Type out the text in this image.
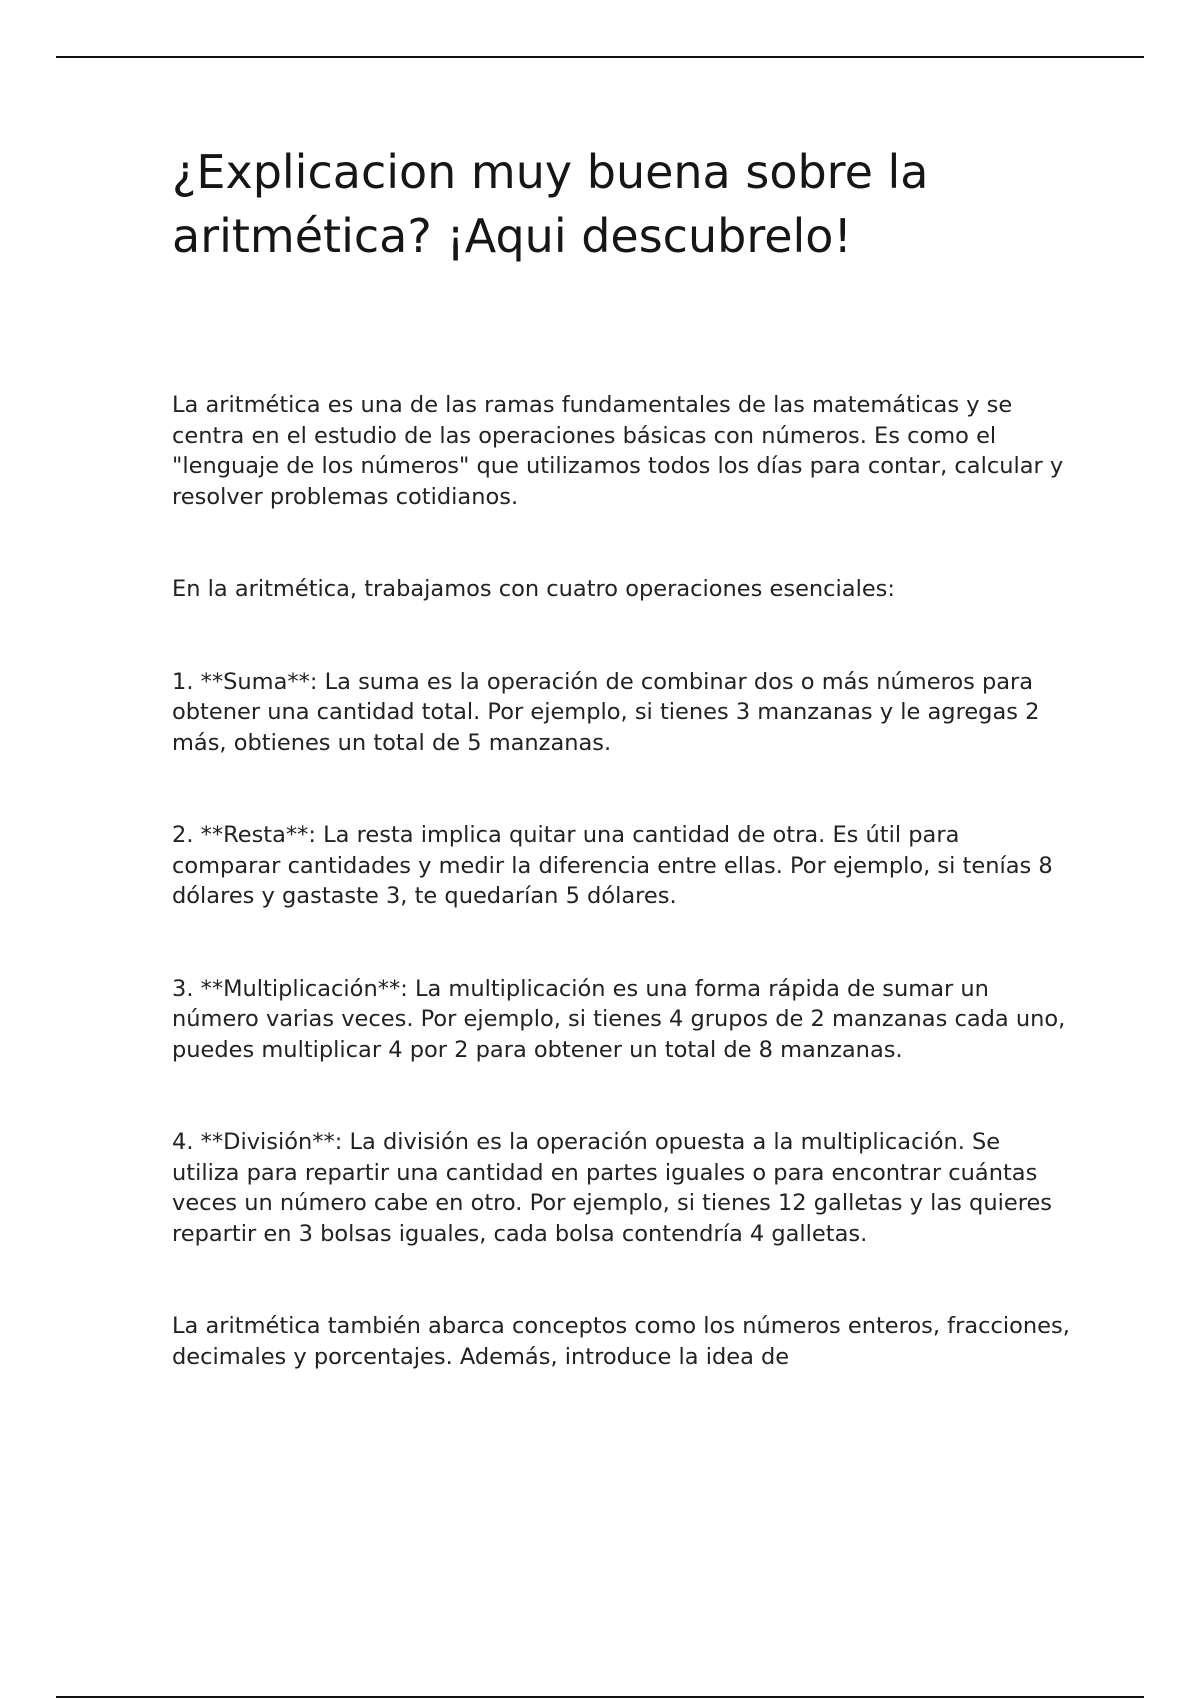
¿Explicacion muy buena sobre la aritmética? ¡Aqui descubrelo!

La aritmética es una de las ramas fundamentales de las matemáticas y se centra en el estudio de las operaciones básicas con números. Es como el "lenguaje de los números" que utilizamos todos los días para contar, calcular y resolver problemas cotidianos.

En la aritmética, trabajamos con cuatro operaciones esenciales:

1. **Suma**: La suma es la operación de combinar dos o más números para obtener una cantidad total. Por ejemplo, si tienes 3 manzanas y le agregas 2 más, obtienes un total de 5 manzanas.

2. **Resta**: La resta implica quitar una cantidad de otra. Es útil para comparar cantidades y medir la diferencia entre ellas. Por ejemplo, si tenías 8 dólares y gastaste 3, te quedarían 5 dólares.

3. **Multiplicación**: La multiplicación es una forma rápida de sumar un número varias veces. Por ejemplo, si tienes 4 grupos de 2 manzanas cada uno, puedes multiplicar 4 por 2 para obtener un total de 8 manzanas.

4. **División**: La división es la operación opuesta a la multiplicación. Se utiliza para repartir una cantidad en partes iguales o para encontrar cuántas veces un número cabe en otro. Por ejemplo, si tienes 12 galletas y las quieres repartir en 3 bolsas iguales, cada bolsa contendría 4 galletas.

La aritmética también abarca conceptos como los números enteros, fracciones, decimales y porcentajes. Además, introduce la idea de
